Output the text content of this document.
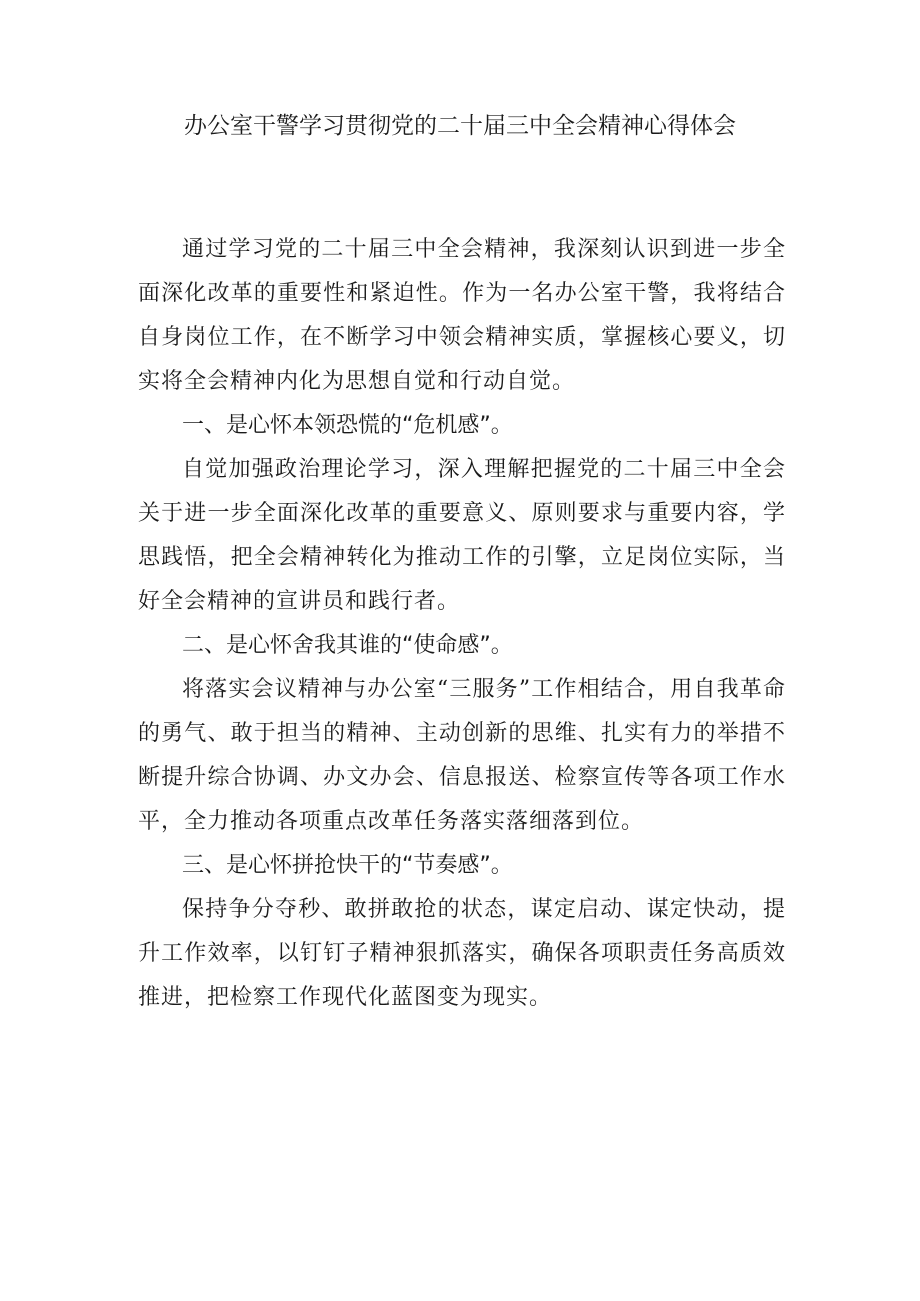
办公室干警学习贯彻党的二十届三中全会精神心得体会

通过学习党的二十届三中全会精神，我深刻认识到进一步全面深化改革的重要性和紧迫性。作为一名办公室干警，我将结合自身岗位工作，在不断学习中领会精神实质，掌握核心要义，切实将全会精神内化为思想自觉和行动自觉。

一、是心怀本领恐慌的“危机感”。

自觉加强政治理论学习，深入理解把握党的二十届三中全会关于进一步全面深化改革的重要意义、原则要求与重要内容，学思践悟，把全会精神转化为推动工作的引擎，立足岗位实际，当好全会精神的宣讲员和践行者。

二、是心怀舍我其谁的“使命感”。

将落实会议精神与办公室“三服务”工作相结合，用自我革命的勇气、敢于担当的精神、主动创新的思维、扎实有力的举措不断提升综合协调、办文办会、信息报送、检察宣传等各项工作水平，全力推动各项重点改革任务落实落细落到位。

三、是心怀拼抢快干的“节奏感”。

保持争分夺秒、敢拼敢抢的状态，谋定启动、谋定快动，提升工作效率，以钉钉子精神狠抓落实，确保各项职责任务高质效推进，把检察工作现代化蓝图变为现实。
